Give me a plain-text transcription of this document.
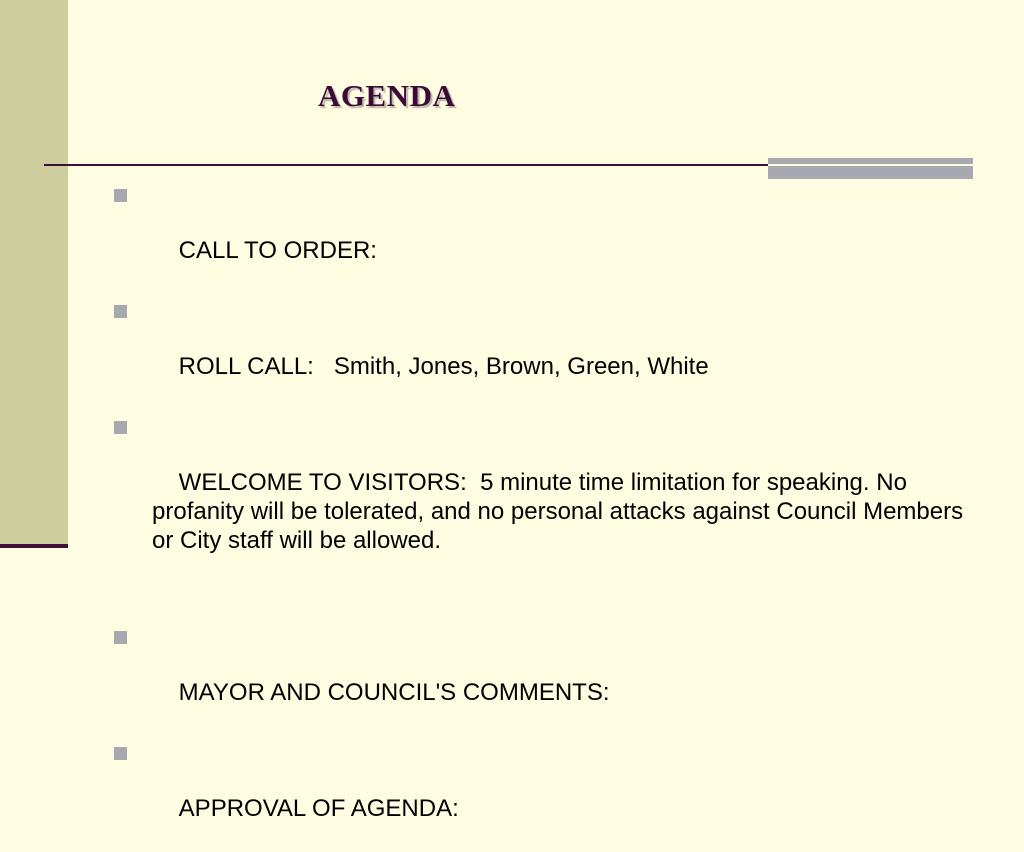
AGENDA

CALL TO ORDER:

ROLL CALL:   Smith, Jones, Brown, Green, White

WELCOME TO VISITORS:  5 minute time limitation for speaking. No profanity will be tolerated, and no personal attacks against Council Members or City staff will be allowed.

MAYOR AND COUNCIL'S COMMENTS:

APPROVAL OF AGENDA:
